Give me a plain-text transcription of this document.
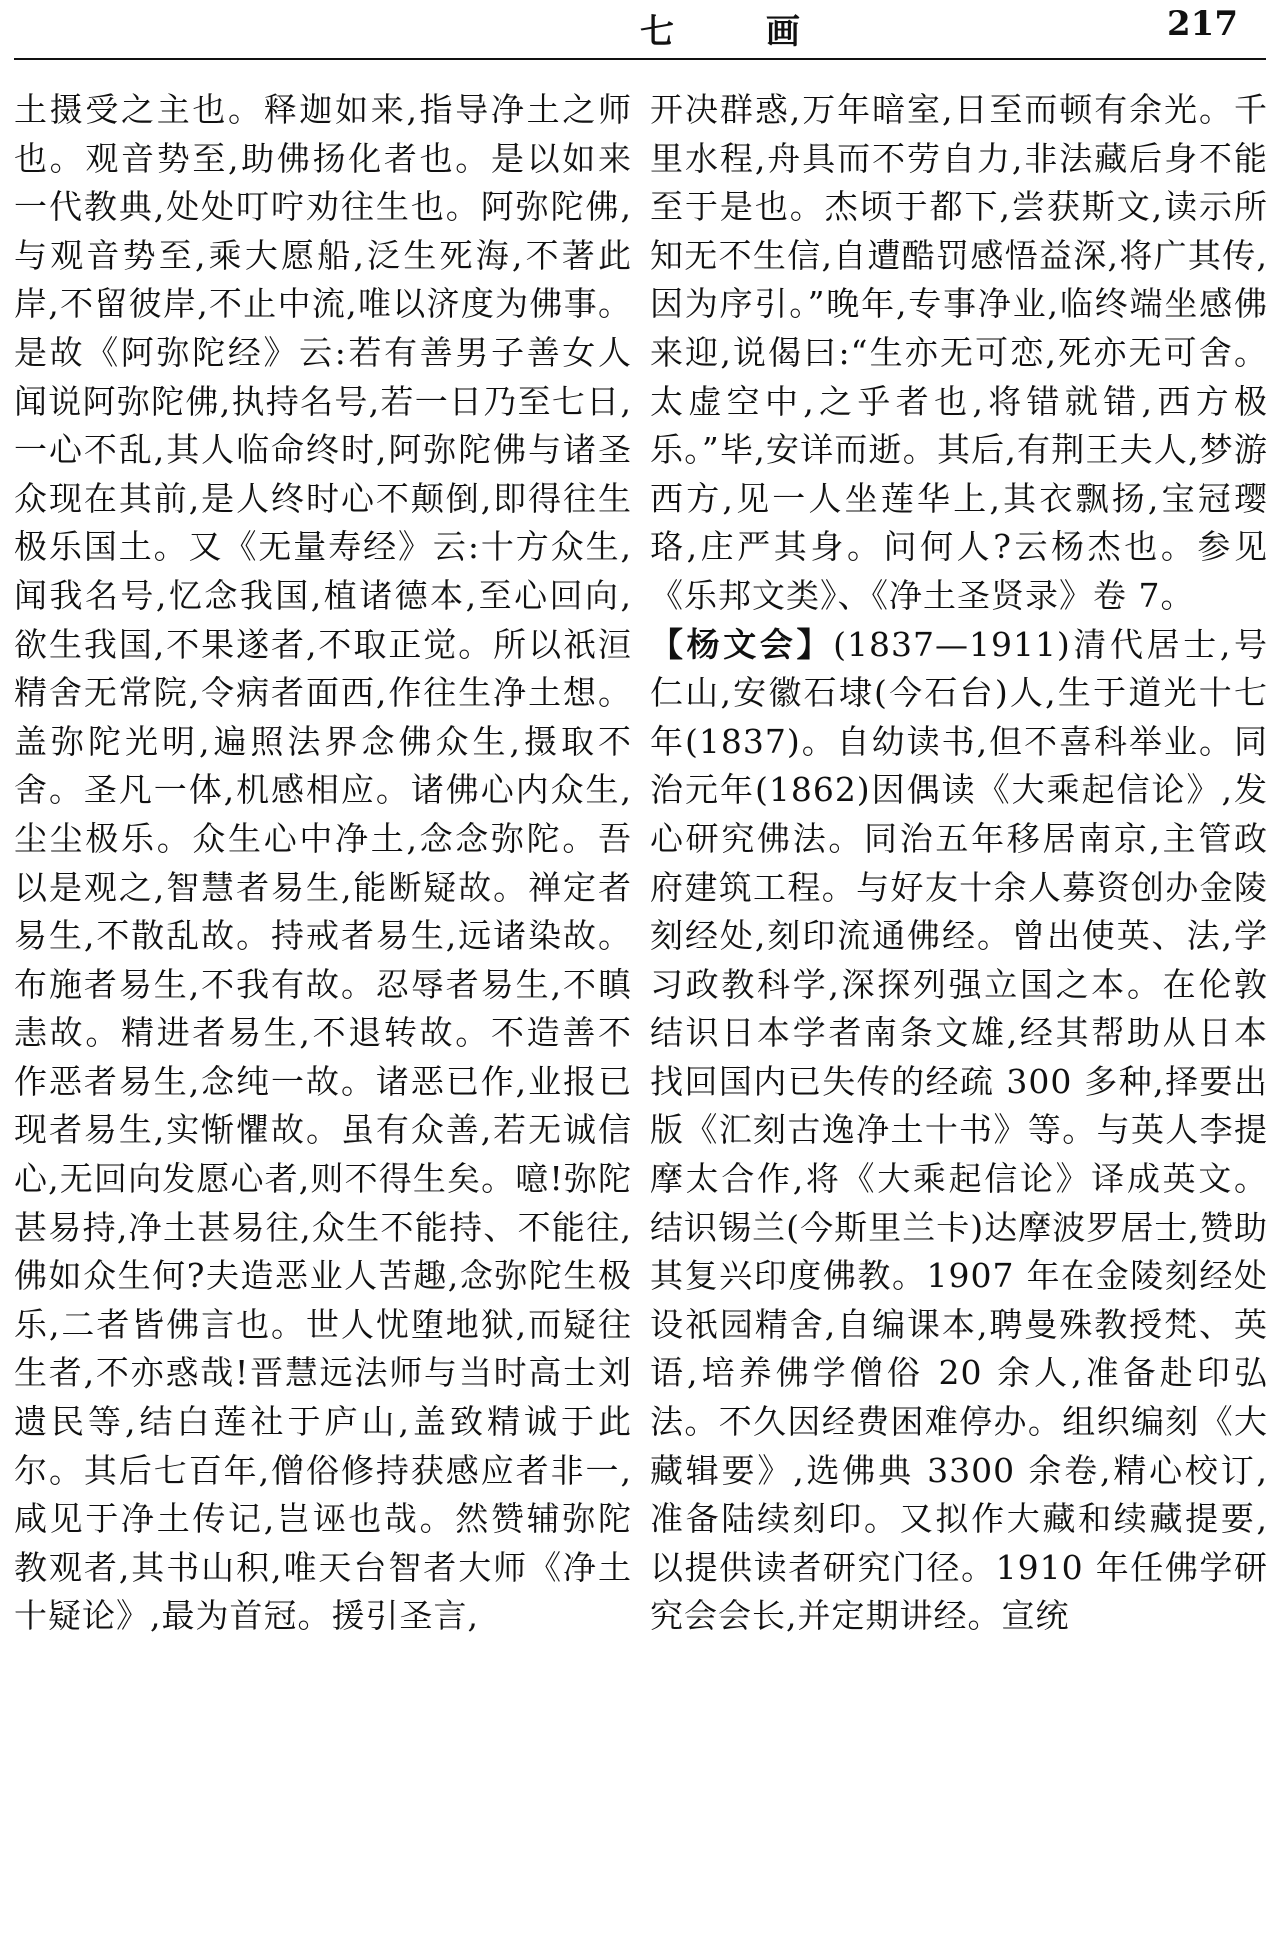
七 画	217

土摄受之主也。释迦如来,指导净土之师也。观音势至,助佛扬化者也。是以如来一代教典,处处叮咛劝往生也。阿弥陀佛,与观音势至,乘大愿船,泛生死海,不著此岸,不留彼岸,不止中流,唯以济度为佛事。是故《阿弥陀经》云:若有善男子善女人闻说阿弥陀佛,执持名号,若一日乃至七日,一心不乱,其人临命终时,阿弥陀佛与诸圣众现在其前,是人终时心不颠倒,即得往生极乐国土。又《无量寿经》云:十方众生,闻我名号,忆念我国,植诸德本,至心回向,欲生我国,不果遂者,不取正觉。所以祇洹精舍无常院,令病者面西,作往生净土想。盖弥陀光明,遍照法界念佛众生,摄取不舍。圣凡一体,机感相应。诸佛心内众生,尘尘极乐。众生心中净土,念念弥陀。吾以是观之,智慧者易生,能断疑故。禅定者易生,不散乱故。持戒者易生,远诸染故。布施者易生,不我有故。忍辱者易生,不瞋恚故。精进者易生,不退转故。不造善不作恶者易生,念纯一故。诸恶已作,业报已现者易生,实惭懼故。虽有众善,若无诚信心,无回向发愿心者,则不得生矣。噫!弥陀甚易持,净土甚易往,众生不能持、不能往,佛如众生何?夫造恶业人苦趣,念弥陀生极乐,二者皆佛言也。世人忧堕地狱,而疑往生者,不亦惑哉!晋慧远法师与当时高士刘遗民等,结白莲社于庐山,盖致精诚于此尔。其后七百年,僧俗修持获感应者非一,咸见于净土传记,岂诬也哉。然赞辅弥陀教观者,其书山积,唯天台智者大师《净土十疑论》,最为首冠。援引圣言,

开决群惑,万年暗室,日至而顿有余光。千里水程,舟具而不劳自力,非法藏后身不能至于是也。杰顷于都下,尝获斯文,读示所知无不生信,自遭酷罚感悟益深,将广其传,因为序引。”晚年,专事净业,临终端坐感佛来迎,说偈曰:“生亦无可恋,死亦无可舍。太虚空中,之乎者也,将错就错,西方极乐。”毕,安详而逝。其后,有荆王夫人,梦游西方,见一人坐莲华上,其衣飘扬,宝冠璎珞,庄严其身。问何人?云杨杰也。参见《乐邦文类》、《净土圣贤录》卷 7。

【杨文会】(1837—1911)清代居士,号仁山,安徽石埭(今石台)人,生于道光十七年(1837)。自幼读书,但不喜科举业。同治元年(1862)因偶读《大乘起信论》,发心研究佛法。同治五年移居南京,主管政府建筑工程。与好友十余人募资创办金陵刻经处,刻印流通佛经。曾出使英、法,学习政教科学,深探列强立国之本。在伦敦结识日本学者南条文雄,经其帮助从日本找回国内已失传的经疏 300 多种,择要出版《汇刻古逸净土十书》等。与英人李提摩太合作,将《大乘起信论》译成英文。结识锡兰(今斯里兰卡)达摩波罗居士,赞助其复兴印度佛教。1907 年在金陵刻经处设祇园精舍,自编课本,聘曼殊教授梵、英语,培养佛学僧俗 20 余人,准备赴印弘法。不久因经费困难停办。组织编刻《大藏辑要》,选佛典 3300 余卷,精心校订,准备陆续刻印。又拟作大藏和续藏提要,以提供读者研究门径。1910 年任佛学研究会会长,并定期讲经。宣统
